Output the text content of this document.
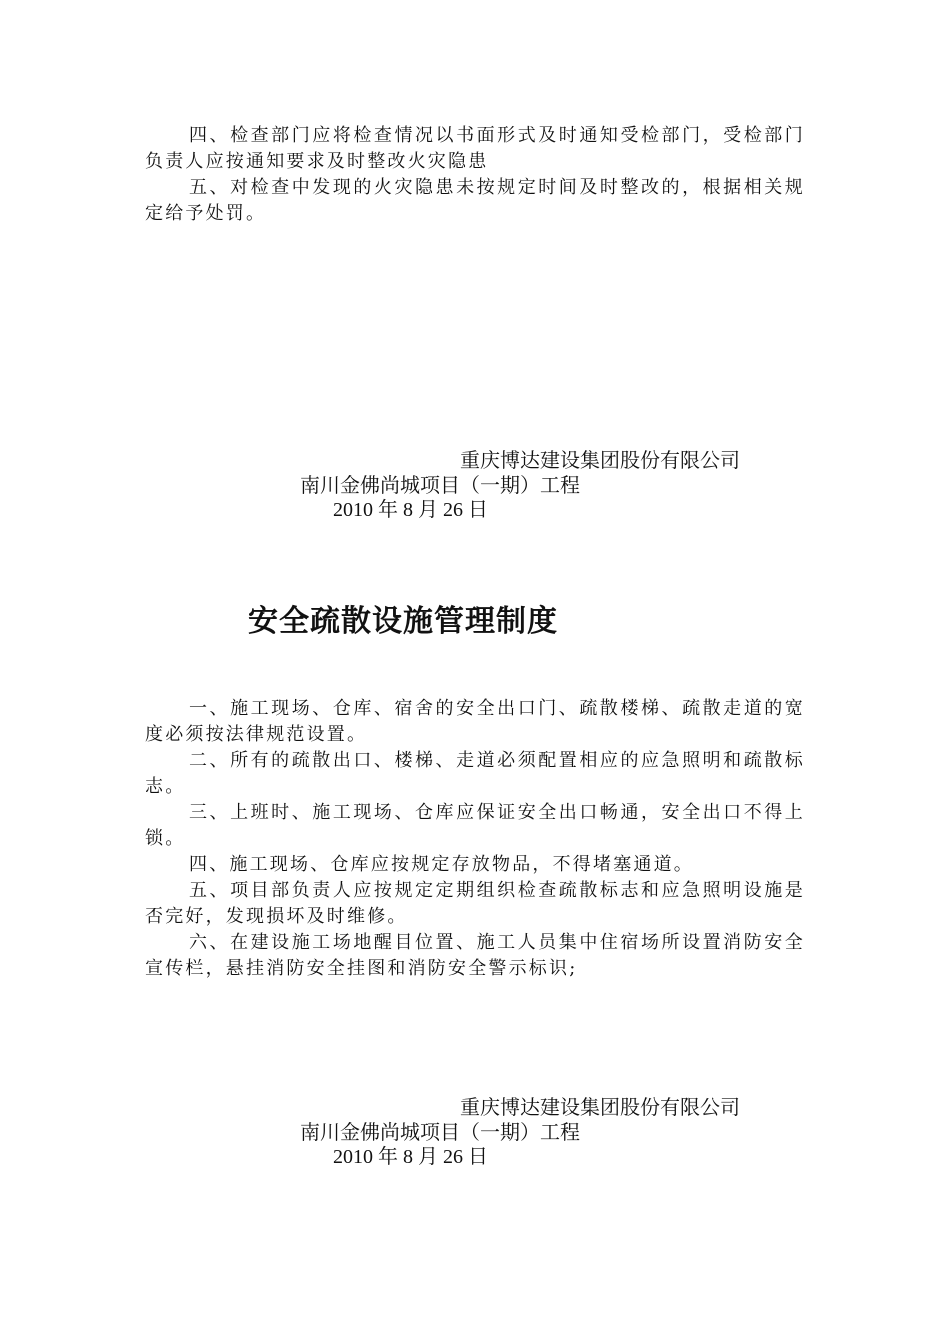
四、检查部门应将检查情况以书面形式及时通知受检部门，受检部门负责人应按通知要求及时整改火灾隐患

五、对检查中发现的火灾隐患未按规定时间及时整改的，根据相关规定给予处罚。

重庆博达建设集团股份有限公司
南川金佛尚城项目（一期）工程
2010 年 8 月 26 日
安全疏散设施管理制度

一、施工现场、仓库、宿舍的安全出口门、疏散楼梯、疏散走道的宽度必须按法律规范设置。

二、所有的疏散出口、楼梯、走道必须配置相应的应急照明和疏散标志。

三、上班时、施工现场、仓库应保证安全出口畅通，安全出口不得上锁。

四、施工现场、仓库应按规定存放物品，不得堵塞通道。

五、项目部负责人应按规定定期组织检查疏散标志和应急照明设施是否完好，发现损坏及时维修。

六、在建设施工场地醒目位置、施工人员集中住宿场所设置消防安全宣传栏，悬挂消防安全挂图和消防安全警示标识;

重庆博达建设集团股份有限公司
南川金佛尚城项目（一期）工程
2010 年 8 月 26 日
